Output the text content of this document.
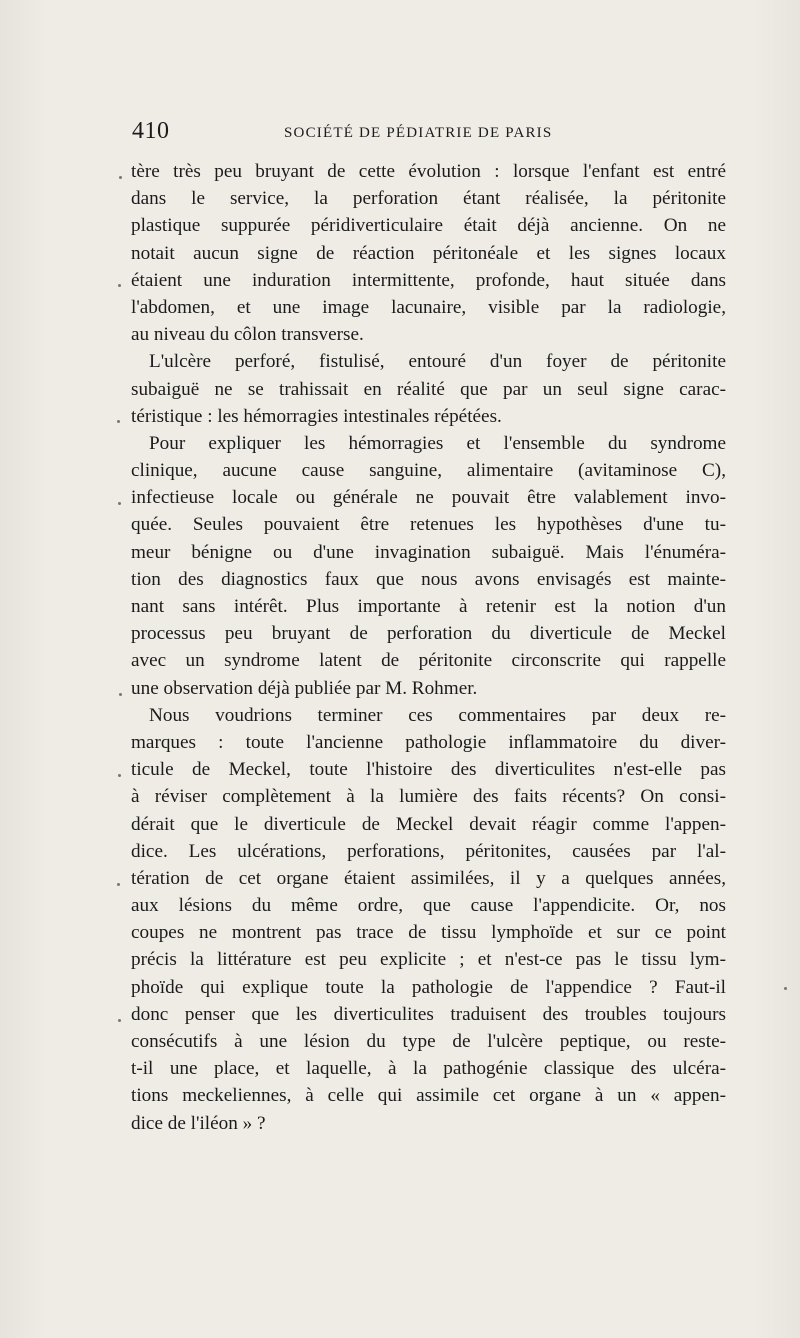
410	SOCIÉTÉ DE PÉDIATRIE DE PARIS
tère très peu bruyant de cette évolution : lorsque l'enfant est entré
dans le service, la perforation étant réalisée, la péritonite
plastique suppurée péridiverticulaire était déjà ancienne. On ne
notait aucun signe de réaction péritonéale et les signes locaux
étaient une induration intermittente, profonde, haut située dans
l'abdomen, et une image lacunaire, visible par la radiologie,
au niveau du côlon transverse.
L'ulcère perforé, fistulisé, entouré d'un foyer de péritonite
subaiguë ne se trahissait en réalité que par un seul signe carac-
téristique : les hémorragies intestinales répétées.
Pour expliquer les hémorragies et l'ensemble du syndrome
clinique, aucune cause sanguine, alimentaire (avitaminose C),
infectieuse locale ou générale ne pouvait être valablement invo-
quée. Seules pouvaient être retenues les hypothèses d'une tu-
meur bénigne ou d'une invagination subaiguë. Mais l'énuméra-
tion des diagnostics faux que nous avons envisagés est mainte-
nant sans intérêt. Plus importante à retenir est la notion d'un
processus peu bruyant de perforation du diverticule de Meckel
avec un syndrome latent de péritonite circonscrite qui rappelle
une observation déjà publiée par M. Rohmer.
Nous voudrions terminer ces commentaires par deux re-
marques : toute l'ancienne pathologie inflammatoire du diver-
ticule de Meckel, toute l'histoire des diverticulites n'est-elle pas
à réviser complètement à la lumière des faits récents? On consi-
dérait que le diverticule de Meckel devait réagir comme l'appen-
dice. Les ulcérations, perforations, péritonites, causées par l'al-
tération de cet organe étaient assimilées, il y a quelques années,
aux lésions du même ordre, que cause l'appendicite. Or, nos
coupes ne montrent pas trace de tissu lymphoïde et sur ce point
précis la littérature est peu explicite ; et n'est-ce pas le tissu lym-
phoïde qui explique toute la pathologie de l'appendice ? Faut-il
donc penser que les diverticulites traduisent des troubles toujours
consécutifs à une lésion du type de l'ulcère peptique, ou reste-
t-il une place, et laquelle, à la pathogénie classique des ulcéra-
tions meckeliennes, à celle qui assimile cet organe à un « appen-
dice de l'iléon » ?
